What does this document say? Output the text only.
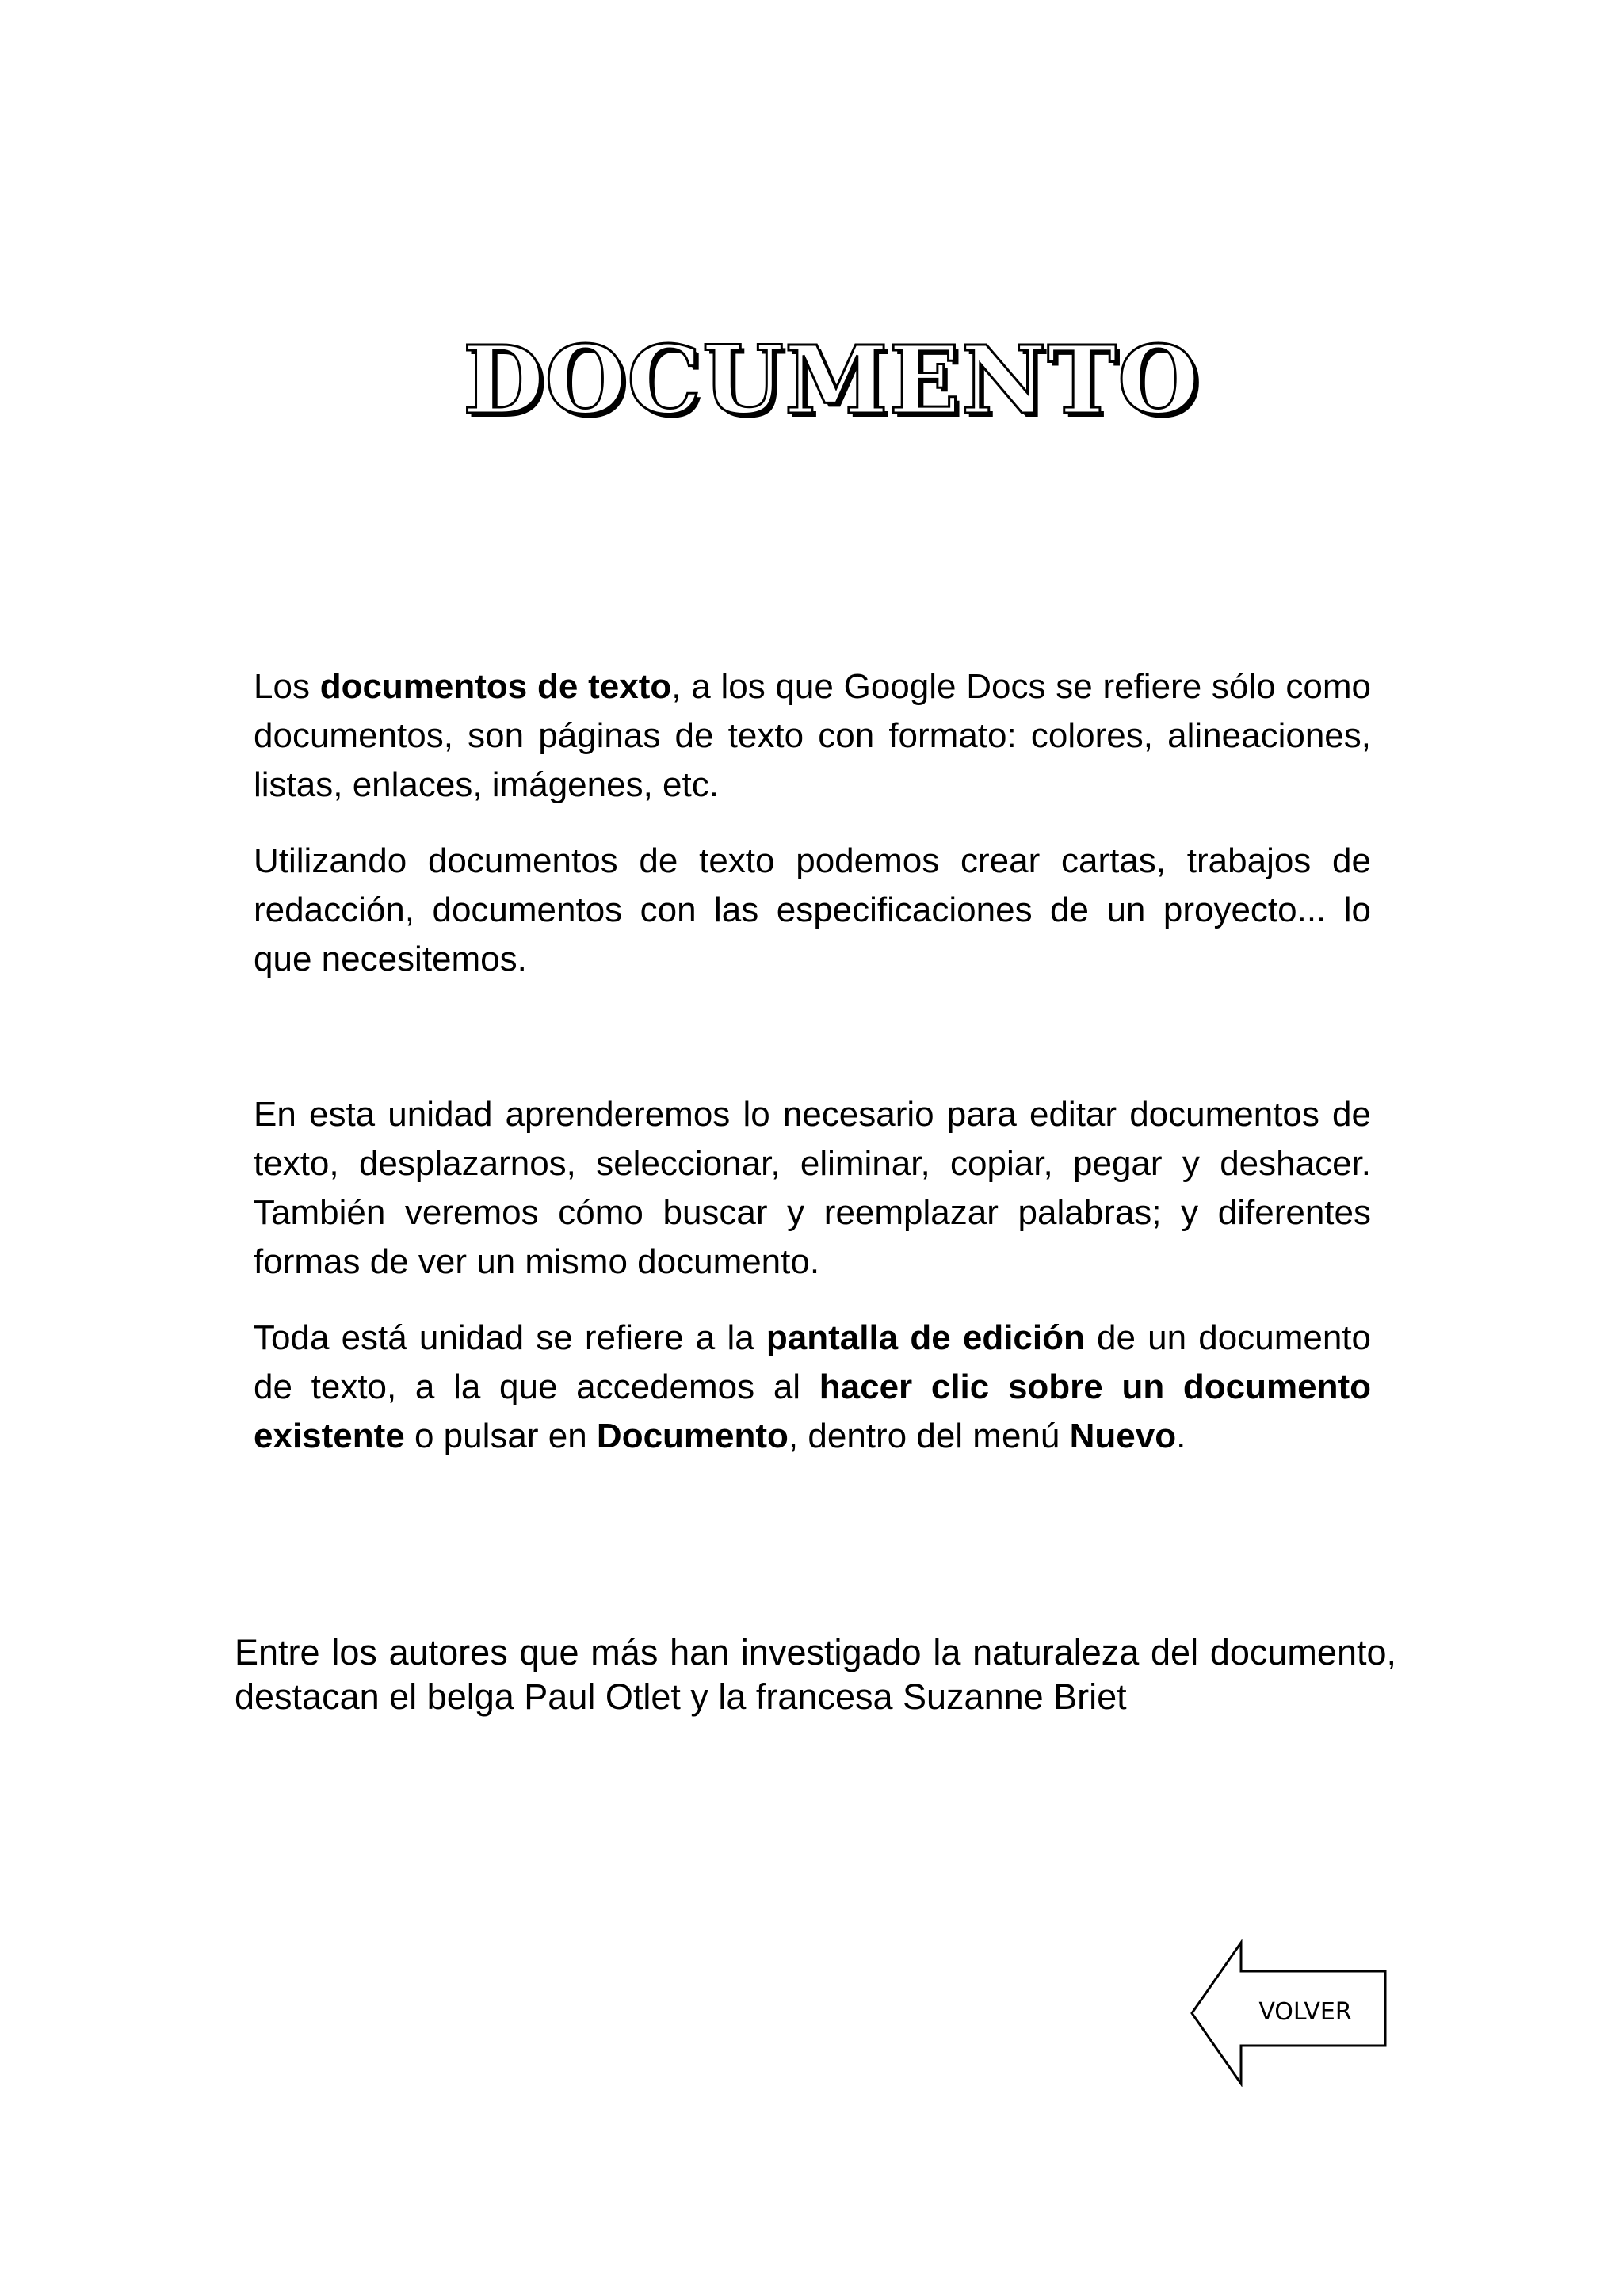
DOCUMENTO

Los documentos de texto, a los que Google Docs se refiere sólo como documentos, son páginas de texto con formato: colores, alineaciones, listas, enlaces, imágenes, etc.

Utilizando documentos de texto podemos crear cartas, trabajos de redacción, documentos con las especificaciones de un proyecto... lo que necesitemos.

En esta unidad aprenderemos lo necesario para editar documentos de texto, desplazarnos, seleccionar, eliminar, copiar, pegar y deshacer. También veremos cómo buscar y reemplazar palabras; y diferentes formas de ver un mismo documento.

Toda está unidad se refiere a la pantalla de edición de un documento de texto, a la que accedemos al hacer clic sobre un documento existente o pulsar en Documento, dentro del menú Nuevo.

Entre los autores que más han investigado la naturaleza del documento, destacan el belga Paul Otlet y la francesa Suzanne Briet

VOLVER
